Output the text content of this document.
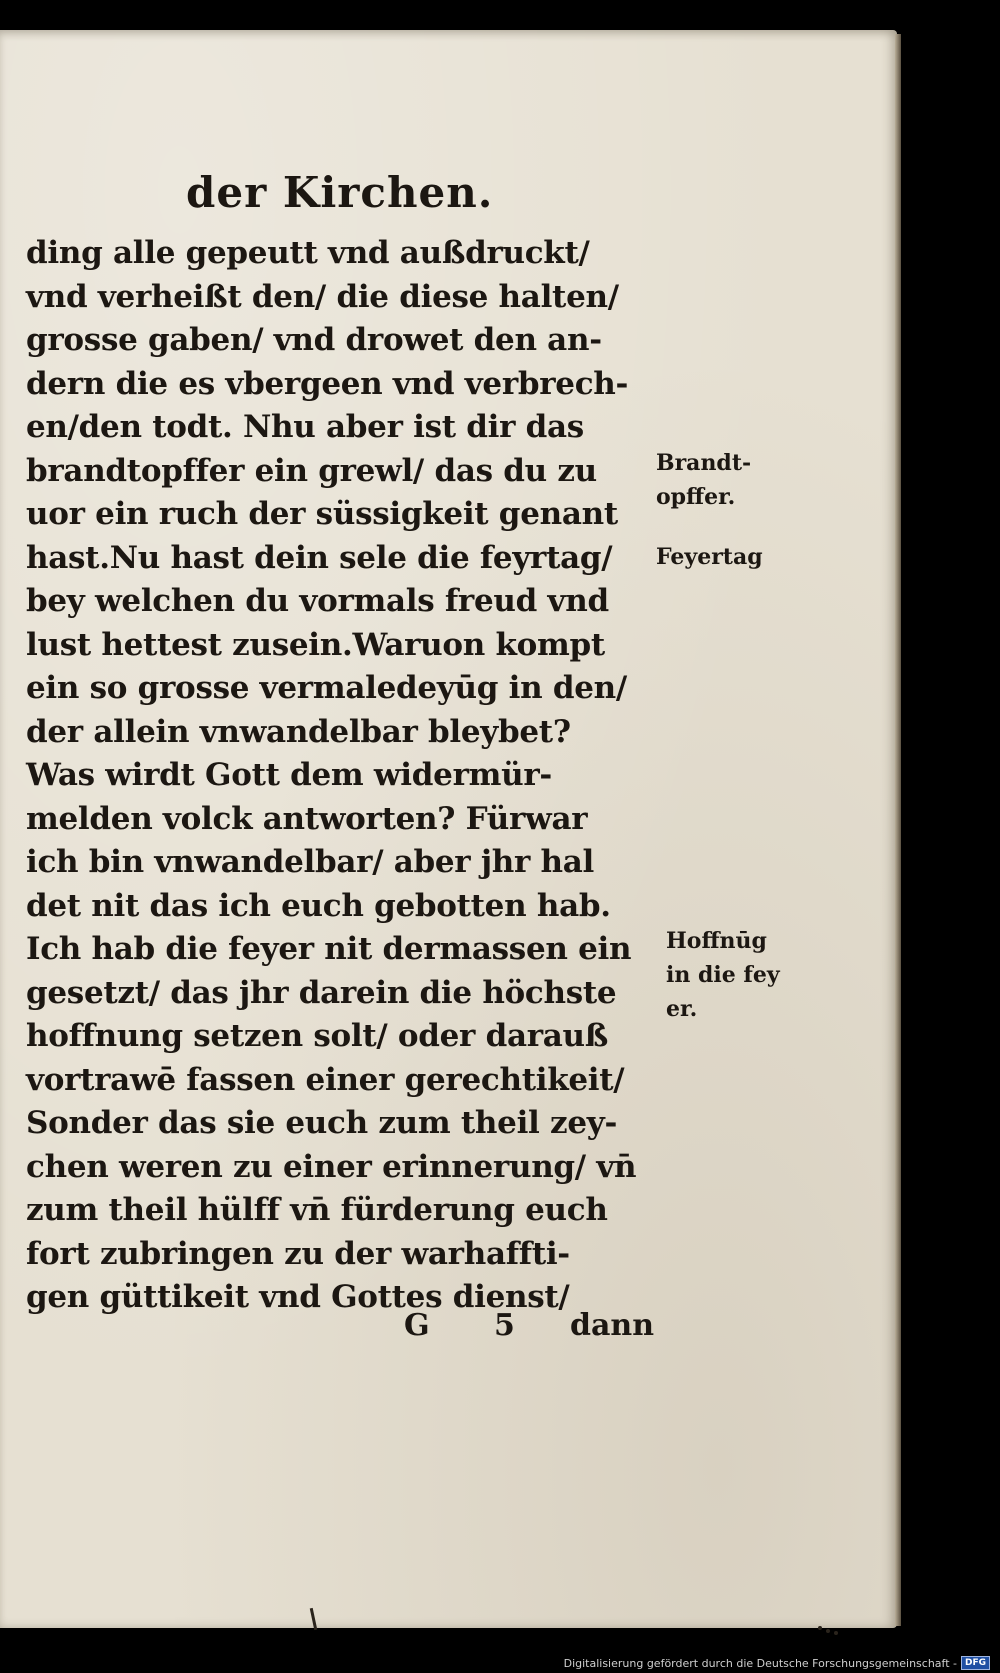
der Kirchen.
ding alle gepeutt vnd außdruckt/
vnd verheißt den/ die diese halten/
grosse gaben/ vnd drowet den an-
dern die es vbergeen vnd verbrech-
en/den todt. Nhu aber ist dir das
brandtopffer ein grewl/ das du zu
uor ein ruch der süssigkeit genant
hast.Nu hast dein sele die feyrtag/
bey welchen du vormals freud vnd
lust hettest zusein.Waruon kompt
ein so grosse vermaledeyūg in den/
der allein vnwandelbar bleybet?
Was wirdt Gott dem widermür-
melden volck antworten? Fürwar
ich bin vnwandelbar/ aber jhr hal
det nit das ich euch gebotten hab.
Ich hab die feyer nit dermassen ein
gesetzt/ das jhr darein die höchste
hoffnung setzen solt/ oder darauß
vortrawē fassen einer gerechtikeit/
Sonder das sie euch zum theil zey-
chen weren zu einer erinnerung/ vn̄
zum theil hülff vn̄ fürderung euch
fort zubringen zu der warhaffti-
gen güttikeit vnd Gottes dienst/
Brandt-
opffer.
Feyertag
Hoffnūg
in die fey
er.
G 5 dann
Digitalisierung gefördert durch die Deutsche Forschungsgemeinschaft - DFG
